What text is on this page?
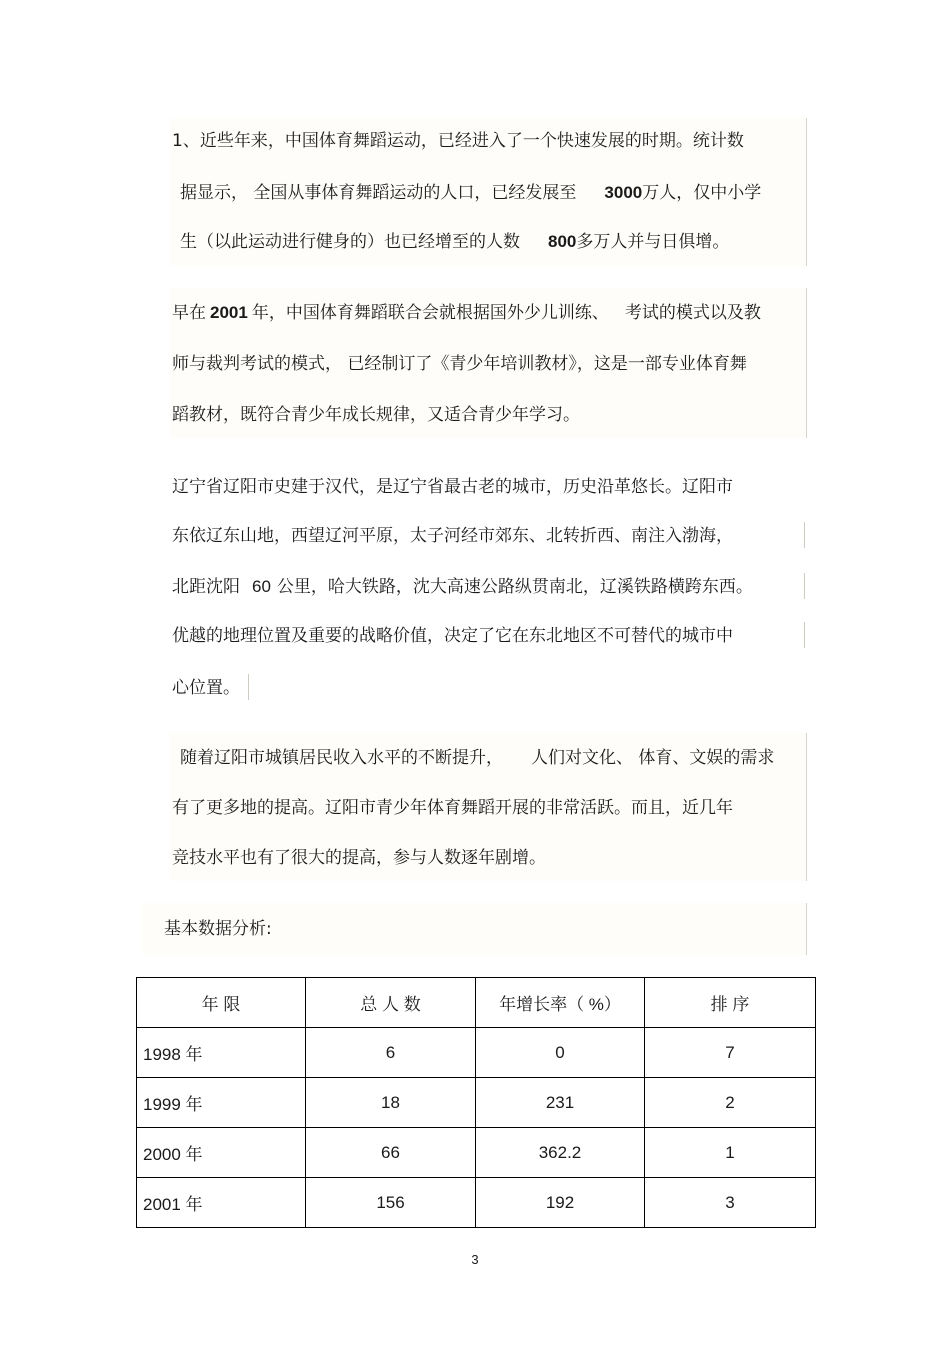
1、近些年来，中国体育舞蹈运动，已经进入了一个快速发展的时期。统计数
据显示， 全国从事体育舞蹈运动的人口，已经发展至 3000万人，仅中小学
生（以此运动进行健身的）也已经增至的人数 800多万人并与日俱增。
早在 2001 年，中国体育舞蹈联合会就根据国外少儿训练、 考试的模式以及教
师与裁判考试的模式， 已经制订了《青少年培训教材》，这是一部专业体育舞
蹈教材，既符合青少年成长规律，又适合青少年学习。
辽宁省辽阳市史建于汉代，是辽宁省最古老的城市，历史沿革悠长。辽阳市
东依辽东山地，西望辽河平原，太子河经市郊东、北转折西、南注入渤海，
北距沈阳 60 公里，哈大铁路，沈大高速公路纵贯南北，辽溪铁路横跨东西。
优越的地理位置及重要的战略价值，决定了它在东北地区不可替代的城市中
心位置。
随着辽阳市城镇居民收入水平的不断提升， 人们对文化、 体育、文娱的需求
有了更多地的提高。辽阳市青少年体育舞蹈开展的非常活跃。而且，近几年
竞技水平也有了很大的提高，参与人数逐年剧增。
基本数据分析:
年 限	总 人 数	年增长率（ %）	排 序
1998 年	6	0	7
1999 年	18	231	2
2000 年	66	362.2	1
2001 年	156	192	3
3
